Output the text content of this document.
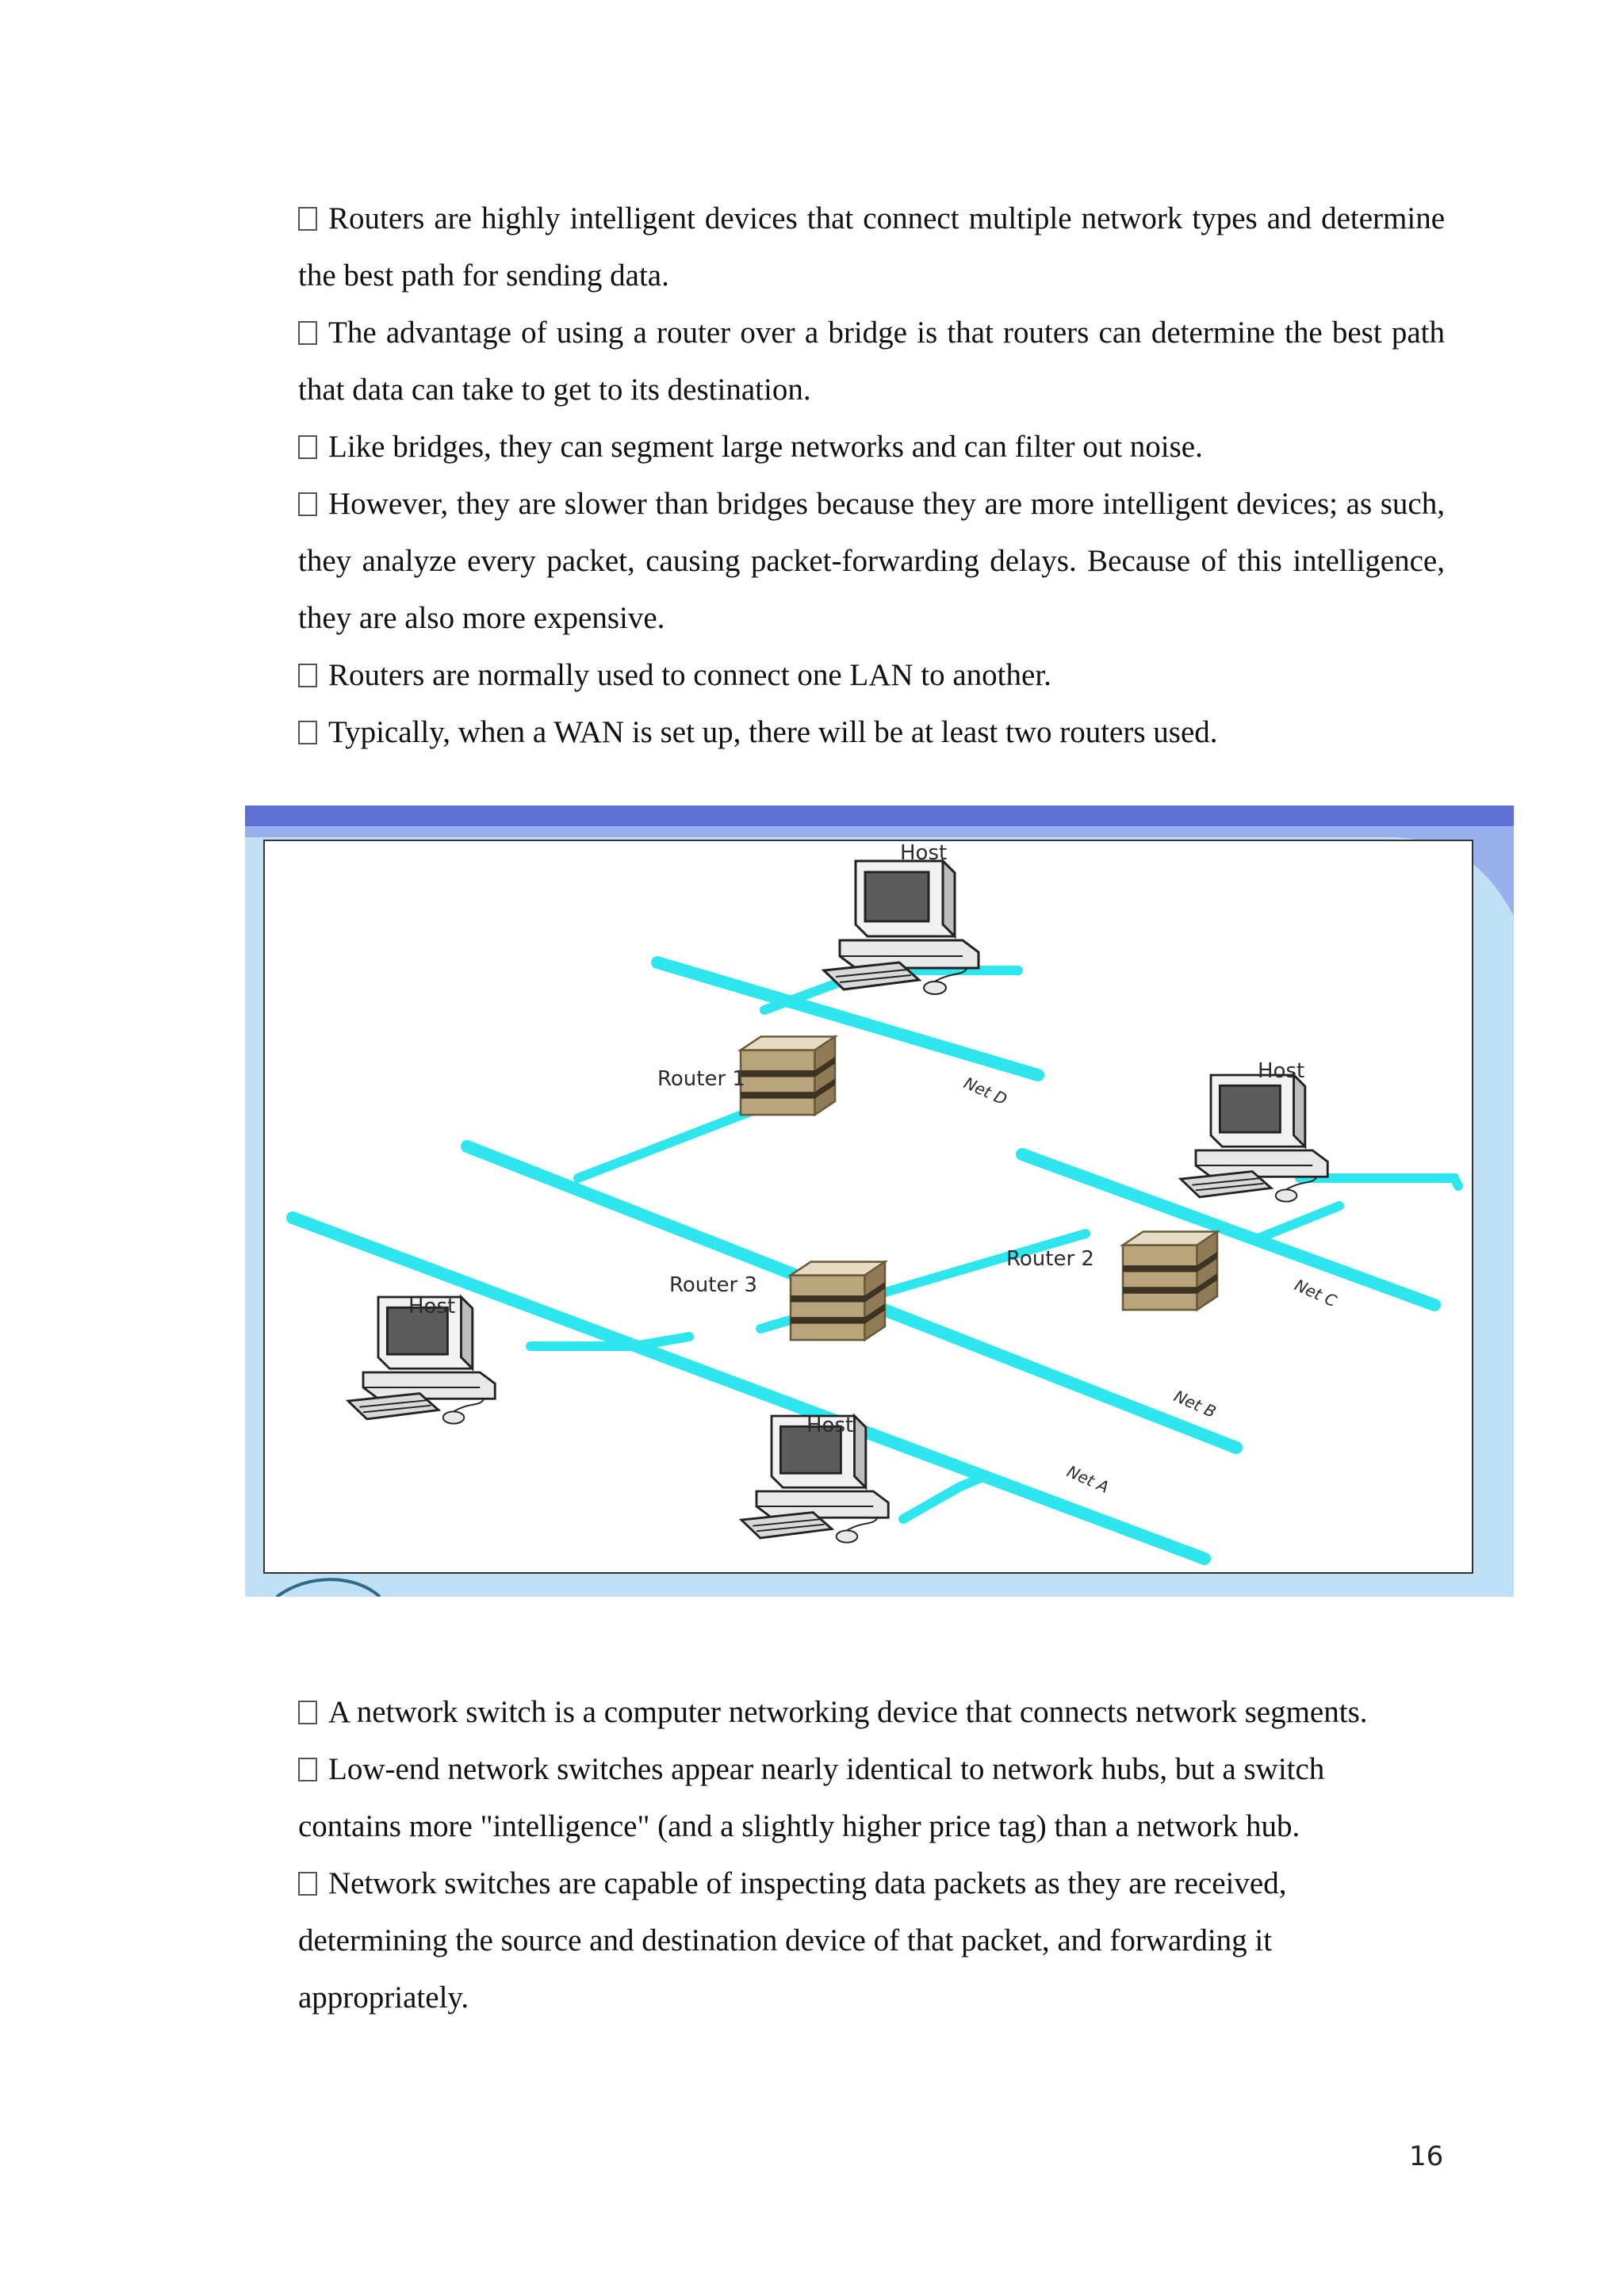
Routers are highly intelligent devices that connect multiple network types and determine the best path for sending data.

The advantage of using a router over a bridge is that routers can determine the best path that data can take to get to its destination.

Like bridges, they can segment large networks and can filter out noise.

However, they are slower than bridges because they are more intelligent devices; as such, they analyze every packet, causing packet-forwarding delays. Because of this intelligence, they are also more expensive.

Routers are normally used to connect one LAN to another.

Typically, when a WAN is set up, there will be at least two routers used.

Router 1
Router 2
Router 3
Host
Host
Host
Host
Net D
Net C
Net B
Net A

A network switch is a computer networking device that connects network segments.

Low-end network switches appear nearly identical to network hubs, but a switch contains more "intelligence" (and a slightly higher price tag) than a network hub.

Network switches are capable of inspecting data packets as they are received, determining the source and destination device of that packet, and forwarding it appropriately.

16
